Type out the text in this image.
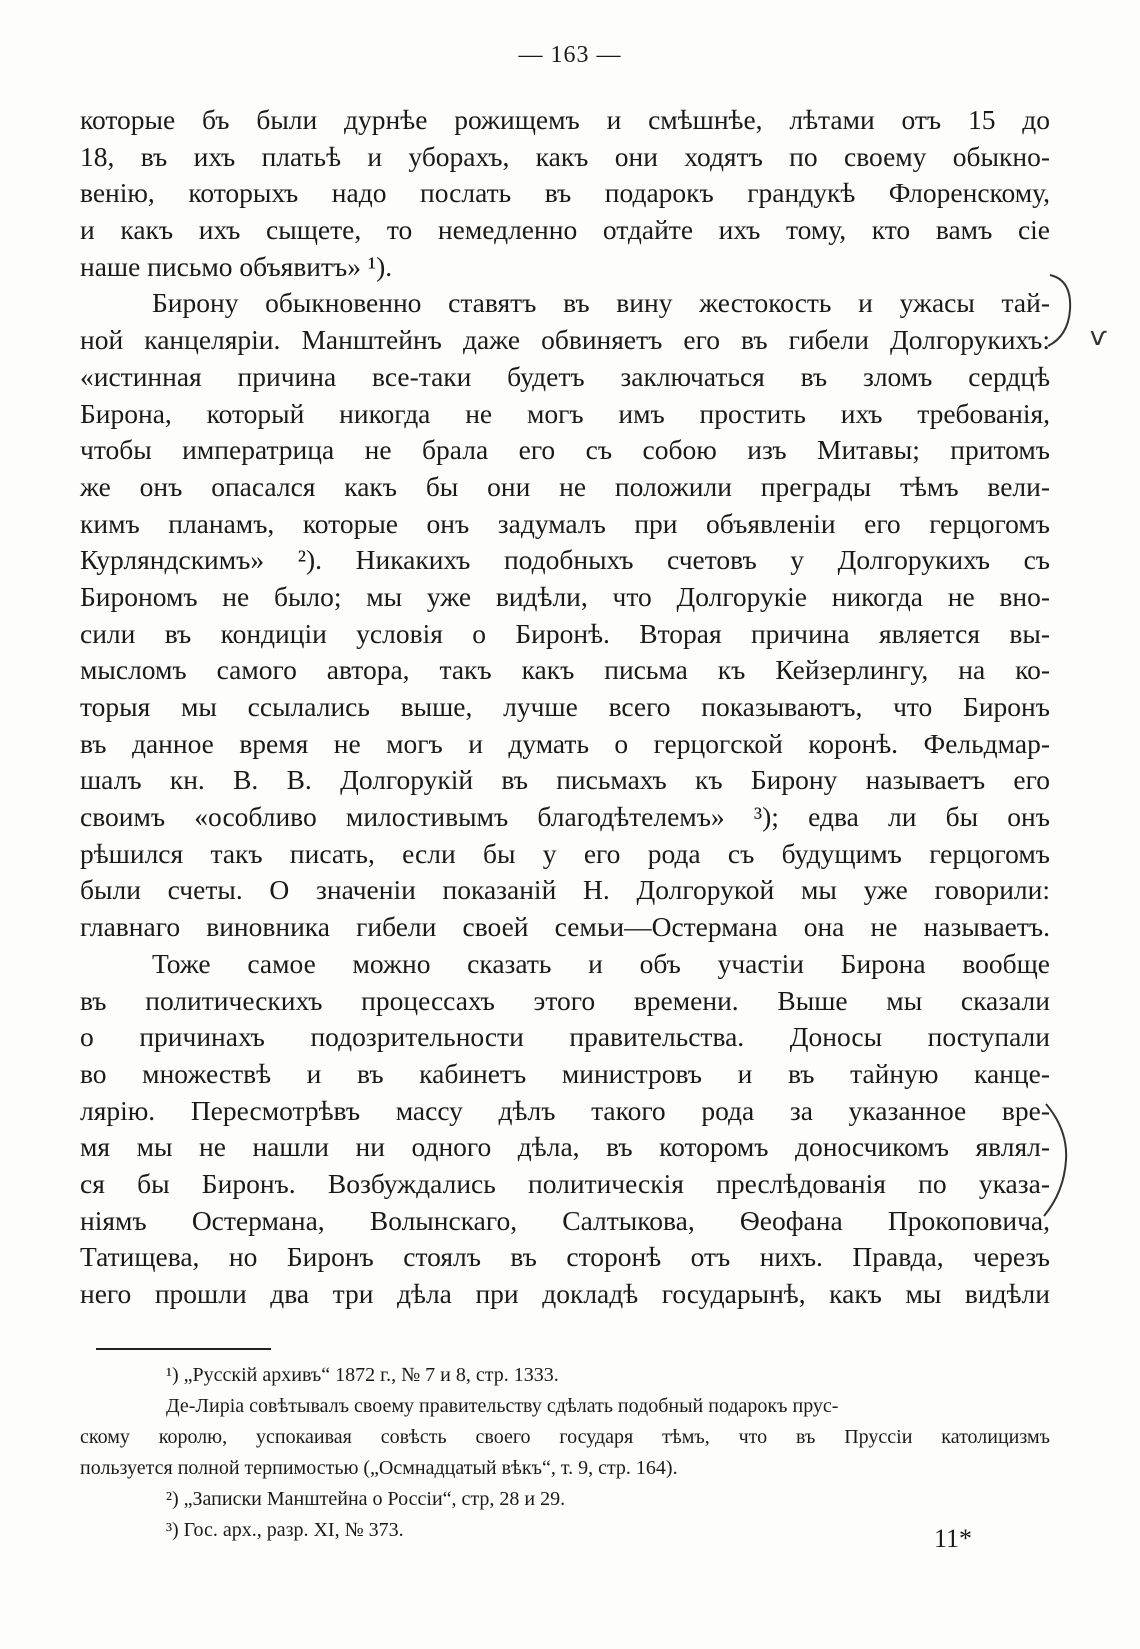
— 163 —
которые бъ были дурнѣе рожищемъ и смѣшнѣе, лѣтами отъ 15 до
18, въ ихъ платьѣ и уборахъ, какъ они ходятъ по своему обыкно-
венію, которыхъ надо послать въ подарокъ грандукѣ Флоренскому,
и какъ ихъ сыщете, то немедленно отдайте ихъ тому, кто вамъ сіе
наше письмо объявитъ» ¹).
Бирону обыкновенно ставятъ въ вину жестокость и ужасы тай-
ной канцеляріи. Манштейнъ даже обвиняетъ его въ гибели Долгорукихъ:
«истинная причина все-таки будетъ заключаться въ зломъ сердцѣ
Бирона, который никогда не могъ имъ простить ихъ требованія,
чтобы императрица не брала его съ собою изъ Митавы; притомъ
же онъ опасался какъ бы они не положили преграды тѣмъ вели-
кимъ планамъ, которые онъ задумалъ при объявленіи его герцогомъ
Курляндскимъ» ²). Никакихъ подобныхъ счетовъ у Долгорукихъ съ
Бирономъ не было; мы уже видѣли, что Долгорукіе никогда не вно-
сили въ кондиціи условія о Биронѣ. Вторая причина является вы-
мысломъ самого автора, такъ какъ письма къ Кейзерлингу, на ко-
торыя мы ссылались выше, лучше всего показываютъ, что Биронъ
въ данное время не могъ и думать о герцогской коронѣ. Фельдмар-
шалъ кн. В. В. Долгорукій въ письмахъ къ Бирону называетъ его
своимъ «особливо милостивымъ благодѣтелемъ» ³); едва ли бы онъ
рѣшился такъ писать, если бы у его рода съ будущимъ герцогомъ
были счеты. О значеніи показаній Н. Долгорукой мы уже говорили:
главнаго виновника гибели своей семьи—Остермана она не называетъ.
Тоже самое можно сказать и объ участіи Бирона вообще
въ политическихъ процессахъ этого времени. Выше мы сказали
о причинахъ подозрительности правительства. Доносы поступали
во множествѣ и въ кабинетъ министровъ и въ тайную канце-
лярію. Пересмотрѣвъ массу дѣлъ такого рода за указанное вре-
мя мы не нашли ни одного дѣла, въ которомъ доносчикомъ являл-
ся бы Биронъ. Возбуждались политическія преслѣдованія по указа-
ніямъ Остермана, Волынскаго, Салтыкова, Ѳеофана Прокоповича,
Татищева, но Биронъ стоялъ въ сторонѣ отъ нихъ. Правда, черезъ
него прошли два три дѣла при докладѣ государынѣ, какъ мы видѣли
ѵ
¹) „Русскій архивъ“ 1872 г., № 7 и 8, стр. 1333.
Де-Лиріа совѣтывалъ своему правительству сдѣлать подобный подарокъ прус-
скому королю, успокаивая совѣсть своего государя тѣмъ, что въ Пруссіи католицизмъ
пользуется полной терпимостью („Осмнадцатый вѣкъ“, т. 9, стр. 164).
²) „Записки Манштейна о Россіи“, стр, 28 и 29.
³) Гос. арх., разр. XI, № 373.	11*
